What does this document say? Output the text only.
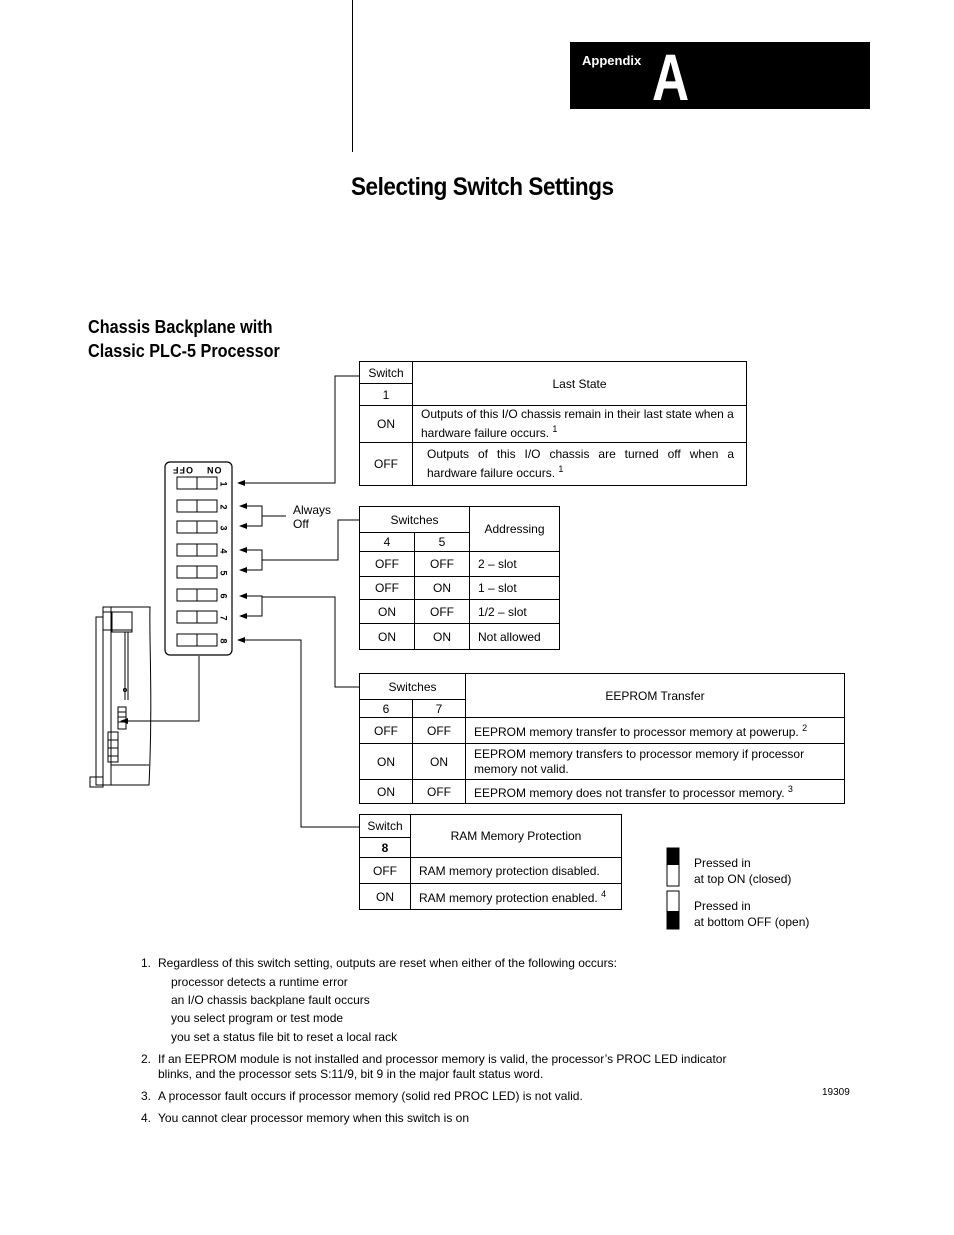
Appendix A
Selecting Switch Settings
Chassis Backplane with
Classic PLC-5 Processor
OFF ON
1
2
3
4
5
6
7
8
Always
Off
Switch	Last State
1	
ON	Outputs of this I/O chassis remain in their last state when a hardware failure occurs. $^1$
OFF	Outputs of this I/O chassis are turned off when a hardware failure occurs. $^1$
Switches		Addressing
4	5	
OFF	OFF	2 – slot
OFF	ON	1 – slot
ON	OFF	1/2 – slot
ON	ON	Not allowed
Switches		EEPROM Transfer
6	7	
OFF	OFF	EEPROM memory transfer to processor memory at powerup. $^2$
ON	ON	EEPROM memory transfers to processor memory if processor memory not valid.
ON	OFF	EEPROM memory does not transfer to processor memory. $^3$
Switch	RAM Memory Protection
8	
OFF	RAM memory protection disabled.
ON	RAM memory protection enabled. $^4$
Pressed in
at top ON (closed)
Pressed in
at bottom OFF (open)
1. Regardless of this switch setting, outputs are reset when either of the following occurs:
processor detects a runtime error
an I/O chassis backplane fault occurs
you select program or test mode
you set a status file bit to reset a local rack
2. If an EEPROM module is not installed and processor memory is valid, the processor’s PROC LED indicator blinks, and the processor sets S:11/9, bit 9 in the major fault status word.
3. A processor fault occurs if processor memory (solid red PROC LED) is not valid.
4. You cannot clear processor memory when this switch is on
19309
